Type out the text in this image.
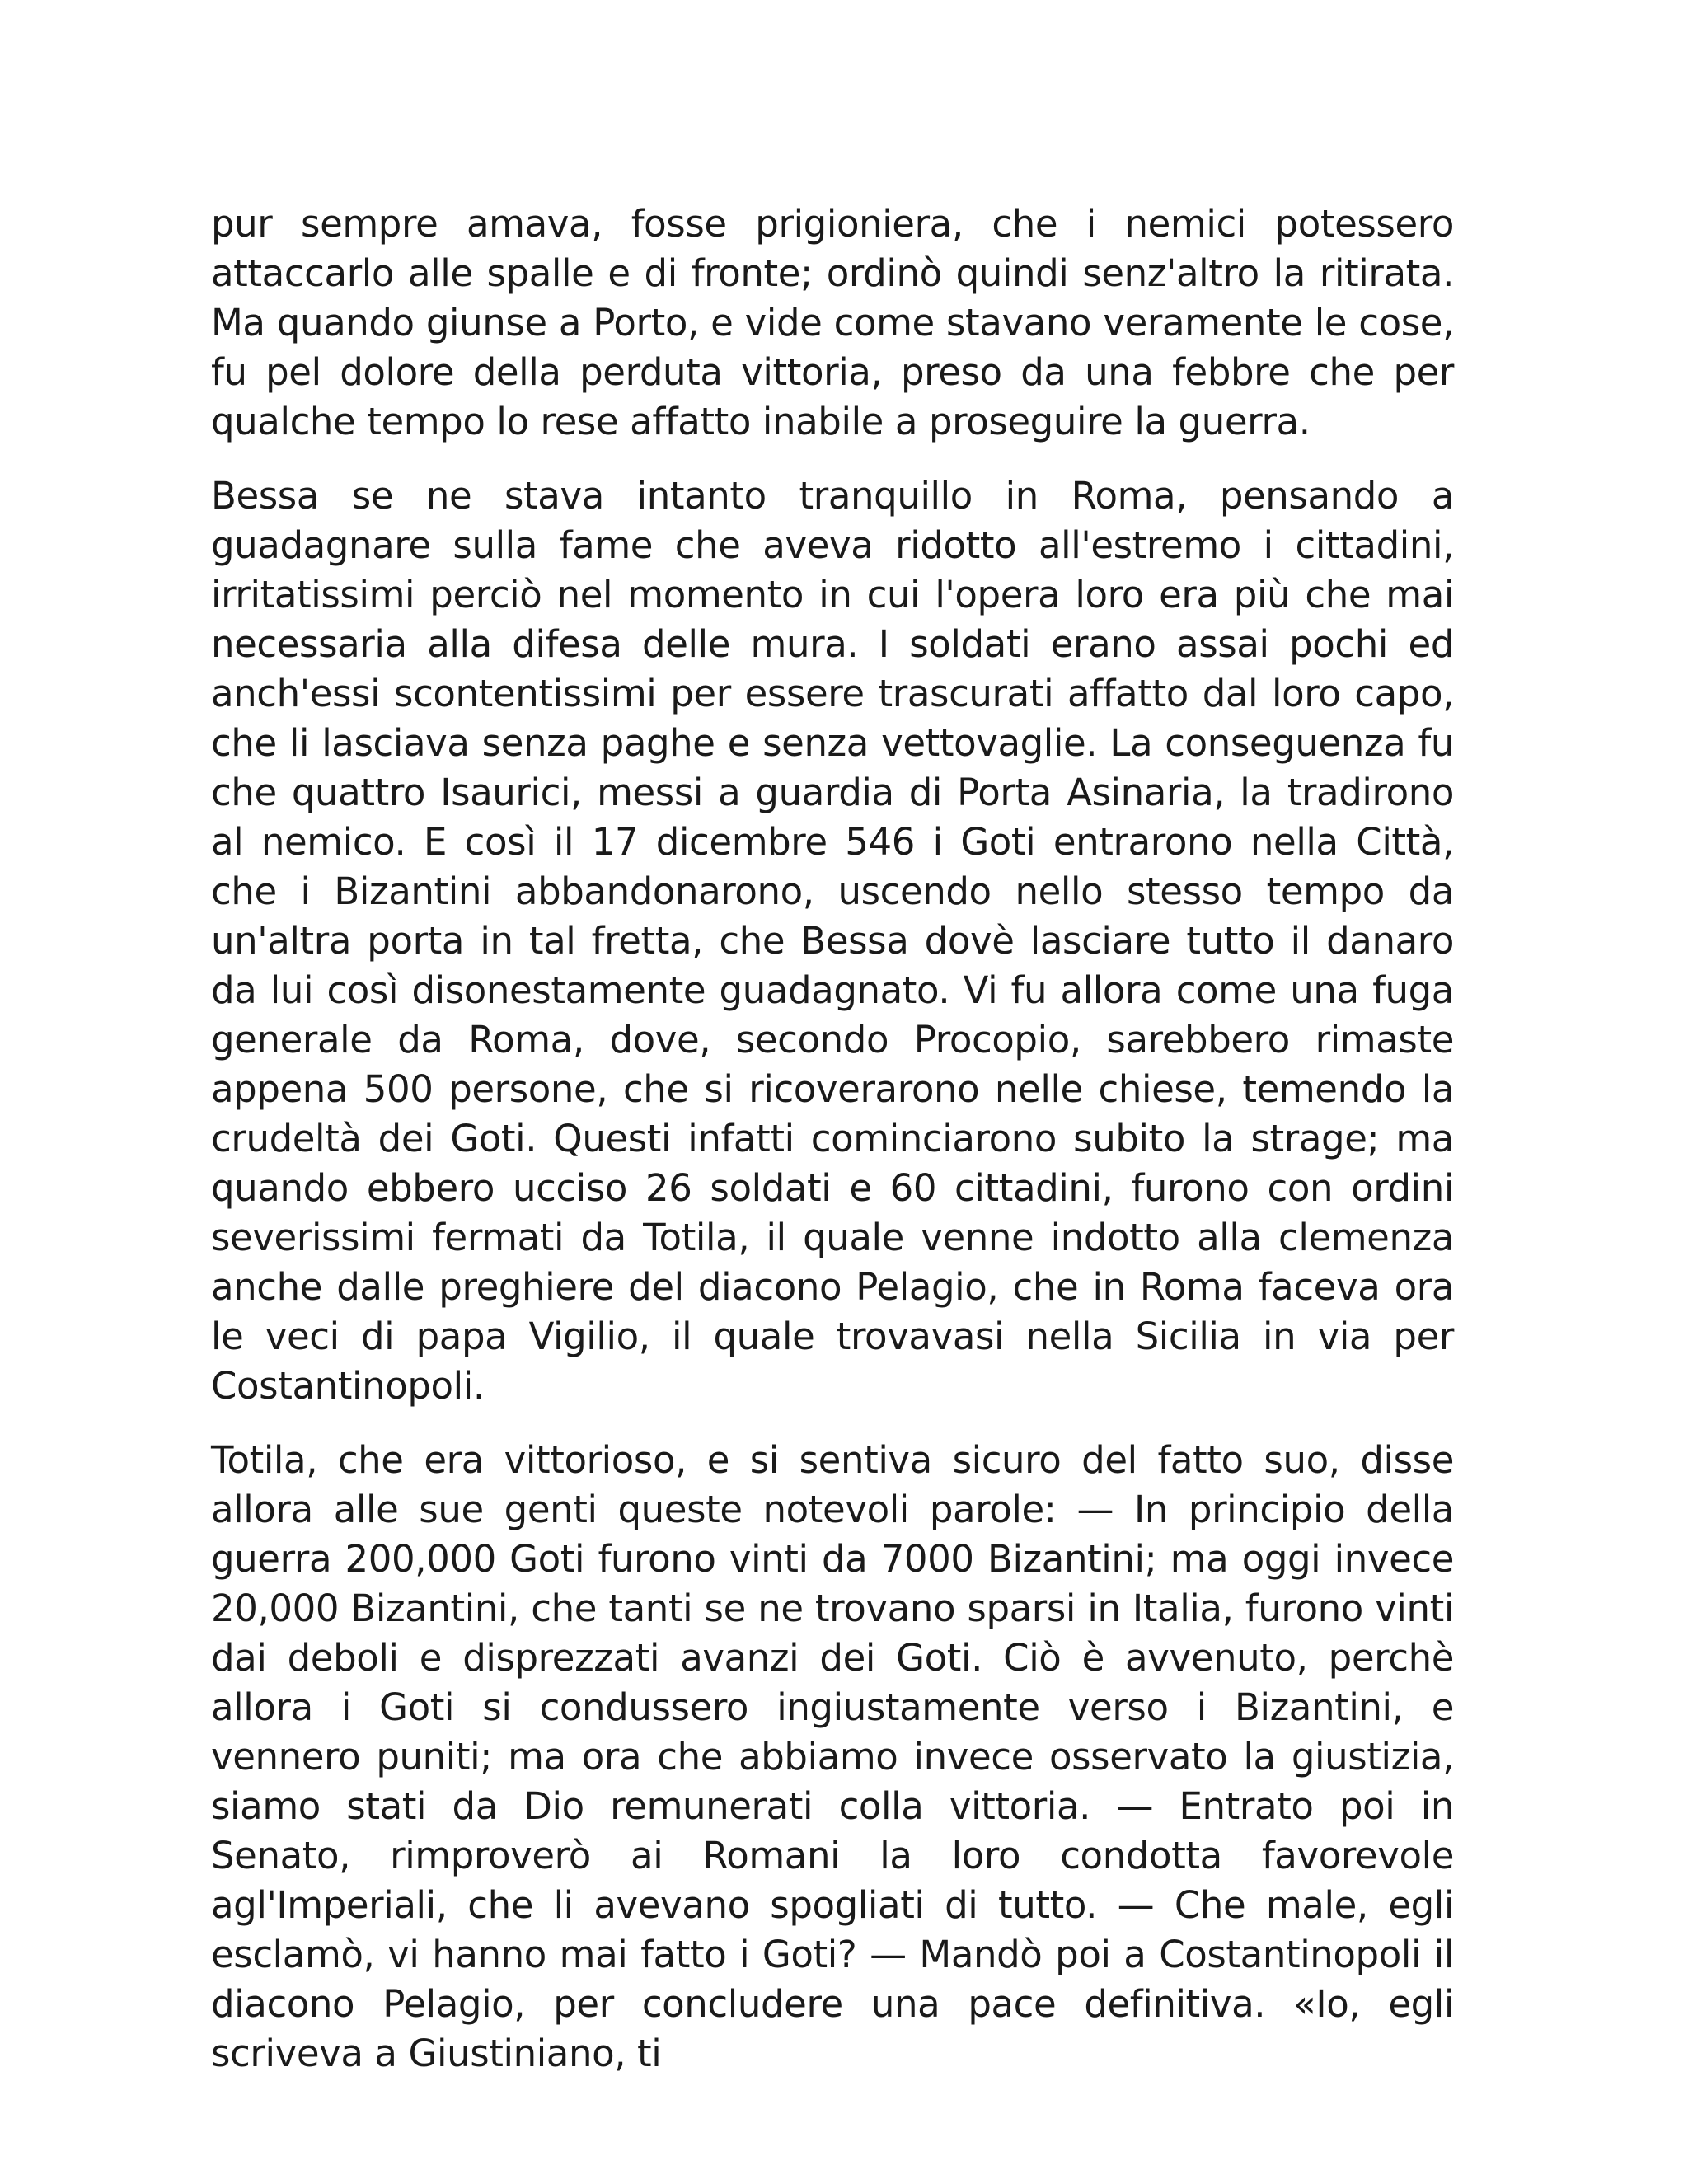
pur sempre amava, fosse prigioniera, che i nemici potessero attaccarlo alle spalle e di fronte; ordinò quindi senz'altro la ritirata. Ma quando giunse a Porto, e vide come stavano veramente le cose, fu pel dolore della perduta vittoria, preso da una febbre che per qualche tempo lo rese affatto inabile a proseguire la guerra.

Bessa se ne stava intanto tranquillo in Roma, pensando a guadagnare sulla fame che aveva ridotto all'estremo i cittadini, irritatissimi perciò nel momento in cui l'opera loro era più che mai necessaria alla difesa delle mura. I soldati erano assai pochi ed anch'essi scontentissimi per essere trascurati affatto dal loro capo, che li lasciava senza paghe e senza vettovaglie. La conseguenza fu che quattro Isaurici, messi a guardia di Porta Asinaria, la tradirono al nemico. E così il 17 dicembre 546 i Goti entrarono nella Città, che i Bizantini abbandonarono, uscendo nello stesso tempo da un'altra porta in tal fretta, che Bessa dovè lasciare tutto il danaro da lui così disonestamente guadagnato. Vi fu allora come una fuga generale da Roma, dove, secondo Procopio, sarebbero rimaste appena 500 persone, che si ricoverarono nelle chiese, temendo la crudeltà dei Goti. Questi infatti cominciarono subito la strage; ma quando ebbero ucciso 26 soldati e 60 cittadini, furono con ordini severissimi fermati da Totila, il quale venne indotto alla clemenza anche dalle preghiere del diacono Pelagio, che in Roma faceva ora le veci di papa Vigilio, il quale trovavasi nella Sicilia in via per Costantinopoli.

Totila, che era vittorioso, e si sentiva sicuro del fatto suo, disse allora alle sue genti queste notevoli parole: — In principio della guerra 200,000 Goti furono vinti da 7000 Bizantini; ma oggi invece 20,000 Bizantini, che tanti se ne trovano sparsi in Italia, furono vinti dai deboli e disprezzati avanzi dei Goti. Ciò è avvenuto, perchè allora i Goti si condussero ingiustamente verso i Bizantini, e vennero puniti; ma ora che abbiamo invece osservato la giustizia, siamo stati da Dio remunerati colla vittoria. — Entrato poi in Senato, rimproverò ai Romani la loro condotta favorevole agl'Imperiali, che li avevano spogliati di tutto. — Che male, egli esclamò, vi hanno mai fatto i Goti? — Mandò poi a Costantinopoli il diacono Pelagio, per concludere una pace definitiva. «Io, egli scriveva a Giustiniano, ti
